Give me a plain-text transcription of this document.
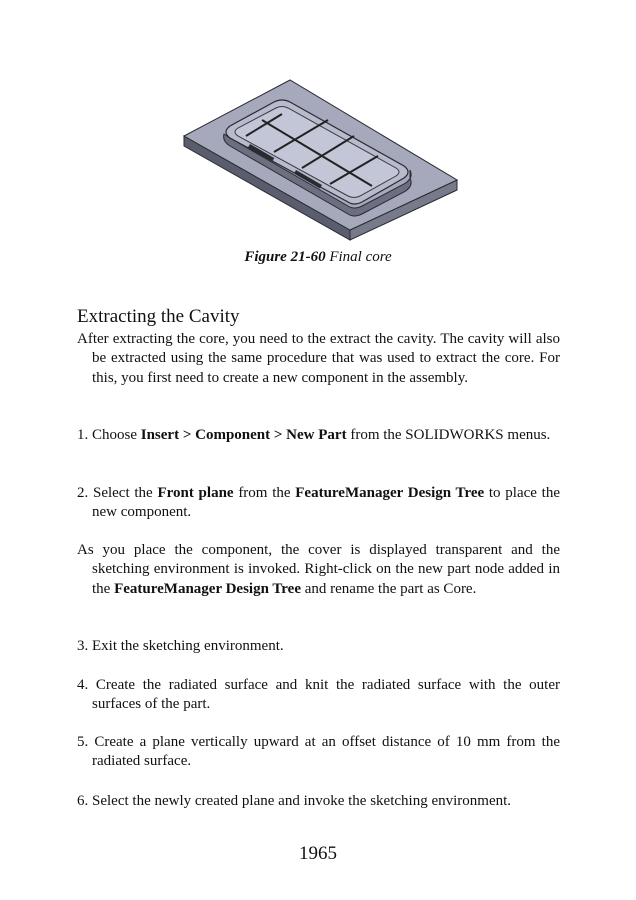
Figure 21-60 Final core
Extracting the Cavity
After extracting the core, you need to the extract the cavity. The cavity will also be extracted using the same procedure that was used to extract the core. For this, you first need to create a new component in the assembly.
1. Choose Insert > Component > New Part from the SOLIDWORKS menus.
2. Select the Front plane from the FeatureManager Design Tree to place the new component.
As you place the component, the cover is displayed transparent and the sketching environment is invoked. Right-click on the new part node added in the FeatureManager Design Tree and rename the part as Core.
3. Exit the sketching environment.
4. Create the radiated surface and knit the radiated surface with the outer surfaces of the part.
5. Create a plane vertically upward at an offset distance of 10 mm from the radiated surface.
6. Select the newly created plane and invoke the sketching environment.
1965
